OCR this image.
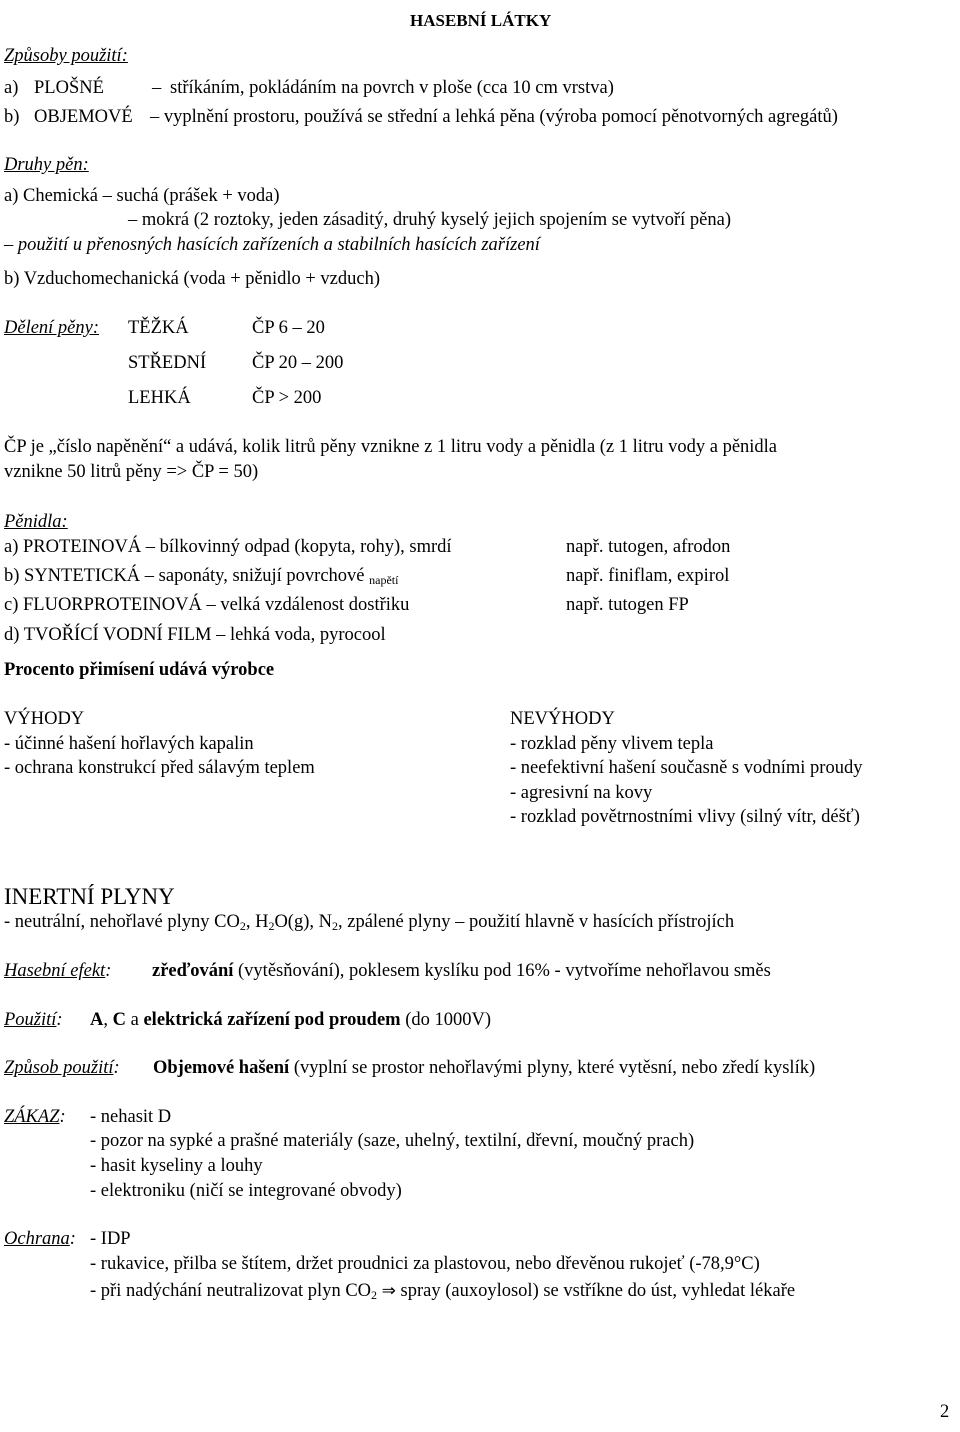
HASEBNÍ LÁTKY
Způsoby použití:
a) PLOŠNÉ	– stříkáním, pokládáním na povrch v ploše (cca 10 cm vrstva)
b) OBJEMOVÉ – vyplnění prostoru, používá se střední a lehká pěna (výroba pomocí pěnotvorných agregátů)
Druhy pěn:
a) Chemická – suchá (prášek + voda)
– mokrá (2 roztoky, jeden zásaditý, druhý kyselý jejich spojením se vytvoří pěna)
– použití u přenosných hasících zařízeních a stabilních hasících zařízení
b) Vzduchomechanická (voda + pěnidlo + vzduch)
Dělení pěny: TĚŽKÁ	ČP 6 – 20
STŘEDNÍ ČP 20 – 200
LEHKÁ	ČP > 200
ČP je „číslo napěnění“ a udává, kolik litrů pěny vznikne z 1 litru vody a pěnidla (z 1 litru vody a pěnidla
vznikne 50 litrů pěny => ČP = 50)
Pěnidla:
a) PROTEINOVÁ – bílkovinný odpad (kopyta, rohy), smrdí	např. tutogen, afrodon
b) SYNTETICKÁ – saponáty, snižují povrchové napětí	např. finiflam, expirol
c) FLUORPROTEINOVÁ – velká vzdálenost dostřiku	např. tutogen FP
d) TVOŘÍCÍ VODNÍ FILM – lehká voda, pyrocool
Procento přimísení udává výrobce
VÝHODY
- účinné hašení hořlavých kapalin
- ochrana konstrukcí před sálavým teplem
NEVÝHODY
- rozklad pěny vlivem tepla
- neefektivní hašení současně s vodními proudy
- agresivní na kovy
- rozklad povětrnostními vlivy (silný vítr, déšť)
INERTNÍ PLYNY
- neutrální, nehořlavé plyny $CO_2$, $H_2O(g)$, $N_2$, zpálené plyny – použití hlavně v hasících přístrojích
Hasební efekt: zřeďování (vytěsňování), poklesem kyslíku pod 16% - vytvoříme nehořlavou směs
Použití: A, C a elektrická zařízení pod proudem (do 1000V)
Způsob použití: Objemové hašení (vyplní se prostor nehořlavými plyny, které vytěsní, nebo zředí kyslík)
ZÁKAZ: - nehasit D
- pozor na sypké a prašné materiály (saze, uhelný, textilní, dřevní, moučný prach)
- hasit kyseliny a louhy
- elektroniku (ničí se integrované obvody)
Ochrana: - IDP
- rukavice, přilba se štítem, držet proudnici za plastovou, nebo dřevěnou rukojeť (-78,9°C)
- při nadýchání neutralizovat plyn $CO_2$ ⇒ spray (auxoylosol) se vstříkne do úst, vyhledat lékaře
2
